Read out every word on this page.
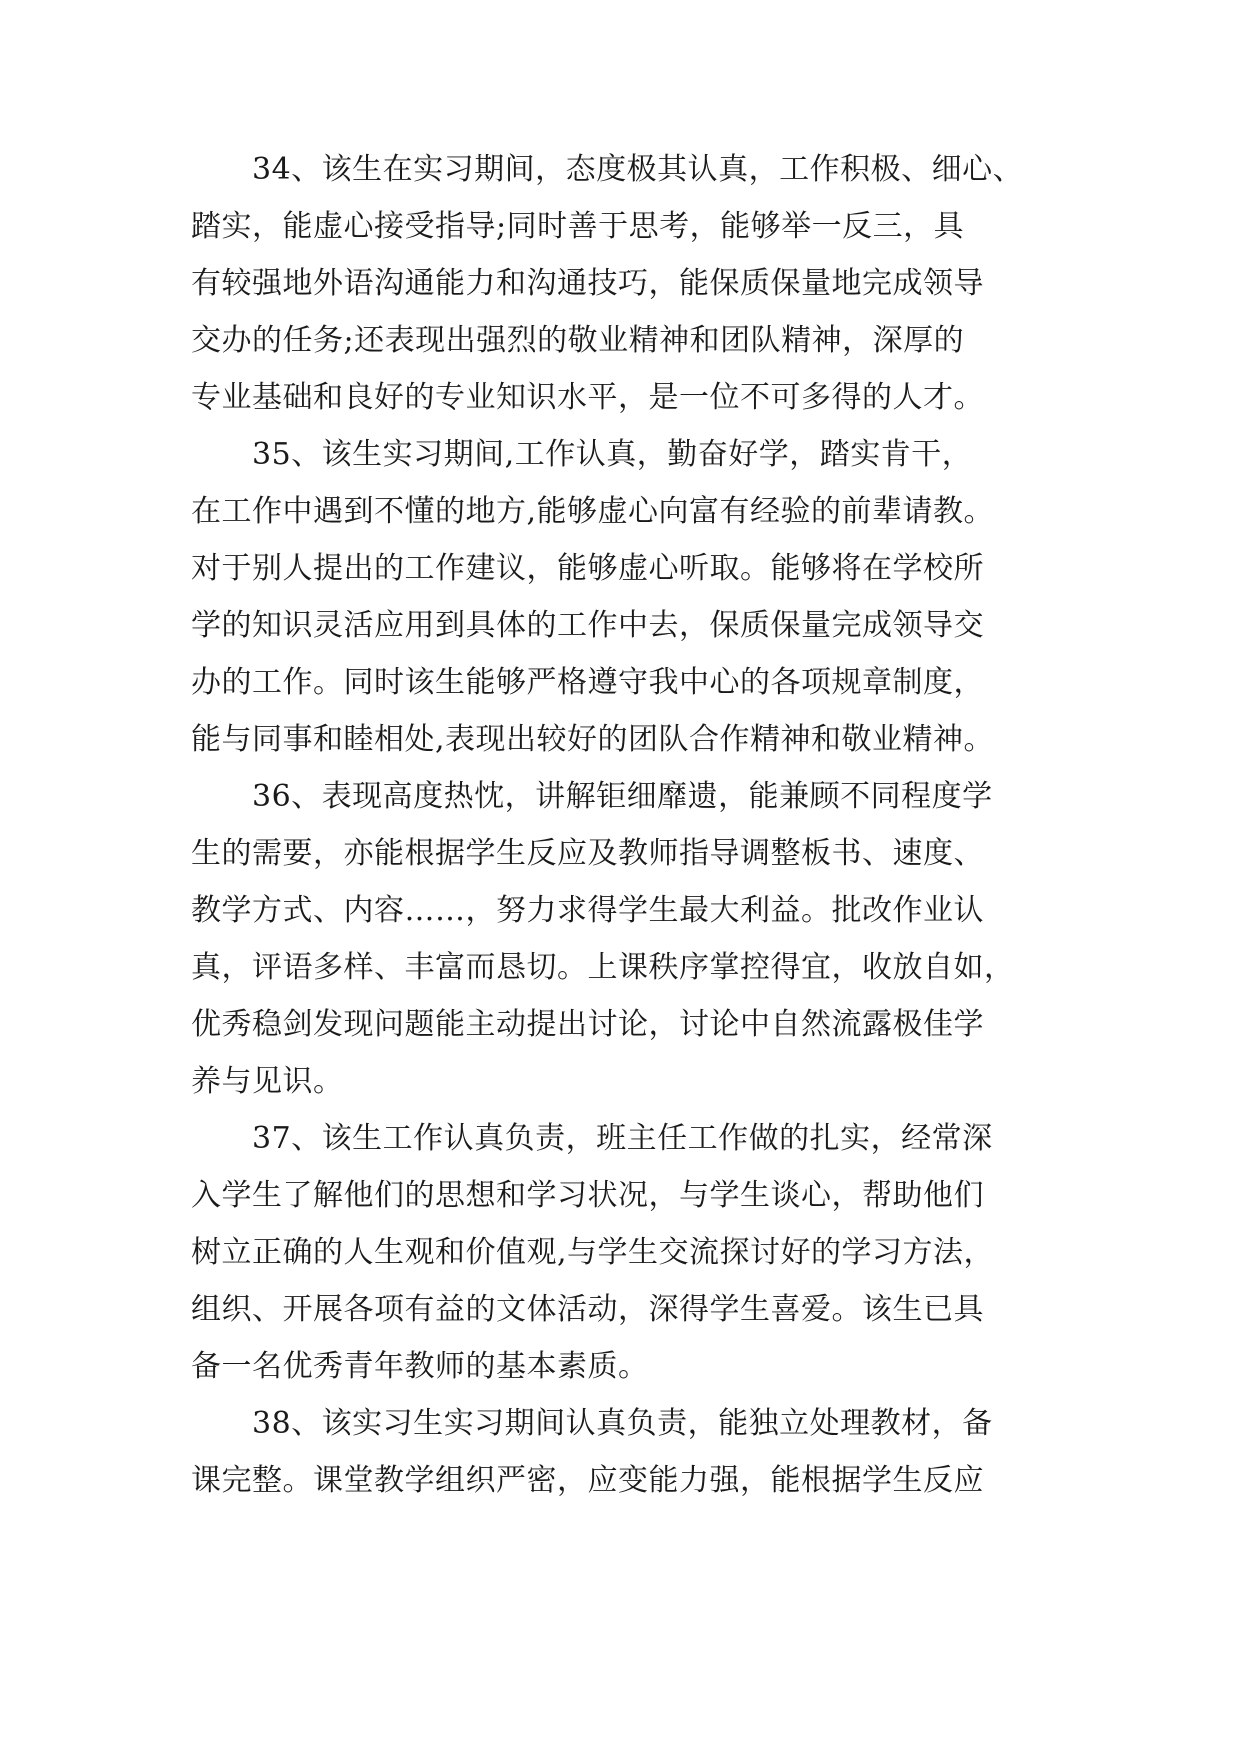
34、该生在实习期间，态度极其认真，工作积极、细心、
踏实，能虚心接受指导;同时善于思考，能够举一反三，具
有较强地外语沟通能力和沟通技巧，能保质保量地完成领导
交办的任务;还表现出强烈的敬业精神和团队精神，深厚的
专业基础和良好的专业知识水平，是一位不可多得的人才。
35、该生实习期间,工作认真，勤奋好学，踏实肯干，
在工作中遇到不懂的地方,能够虚心向富有经验的前辈请教。
对于别人提出的工作建议，能够虚心听取。能够将在学校所
学的知识灵活应用到具体的工作中去，保质保量完成领导交
办的工作。同时该生能够严格遵守我中心的各项规章制度，
能与同事和睦相处,表现出较好的团队合作精神和敬业精神。
36、表现高度热忱，讲解钜细靡遗，能兼顾不同程度学
生的需要，亦能根据学生反应及教师指导调整板书、速度、
教学方式、内容……，努力求得学生最大利益。批改作业认
真，评语多样、丰富而恳切。上课秩序掌控得宜，收放自如，
优秀稳剑发现问题能主动提出讨论，讨论中自然流露极佳学
养与见识。
37、该生工作认真负责，班主任工作做的扎实，经常深
入学生了解他们的思想和学习状况，与学生谈心，帮助他们
树立正确的人生观和价值观,与学生交流探讨好的学习方法，
组织、开展各项有益的文体活动，深得学生喜爱。该生已具
备一名优秀青年教师的基本素质。
38、该实习生实习期间认真负责，能独立处理教材，备
课完整。课堂教学组织严密，应变能力强，能根据学生反应
